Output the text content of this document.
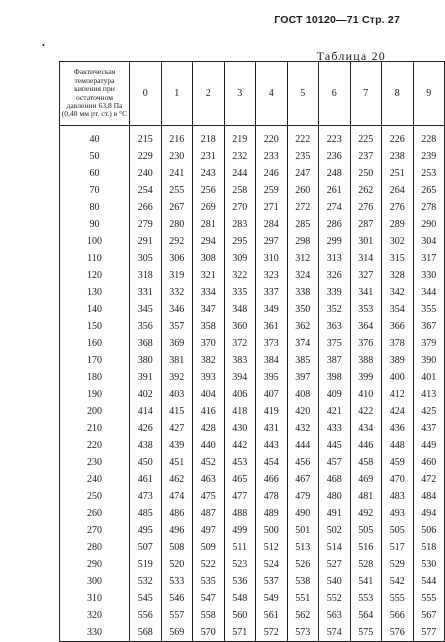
ГОСТ 10120—71 Стр. 27
•
Таблица 20
Фактическая температура кипения при остаточном давлении 63,8 Па (0,48 мм рт. ст.) в °С	0	1	2	3	4	5	6	7	8	9
40	215	216	218	219	220	222	223	225	226	228
50	229	230	231	232	233	235	236	237	238	239
60	240	241	243	244	246	247	248	250	251	253
70	254	255	256	258	259	260	261	262	264	265
80	266	267	269	270	271	272	274	276	276	278
90	279	280	281	283	284	285	286	287	289	290
100	291	292	294	295	297	298	299	301	302	304
110	305	306	308	309	310	312	313	314	315	317
120	318	319	321	322	323	324	326	327	328	330
130	331	332	334	335	337	338	339	341	342	344
140	345	346	347	348	349	350	352	353	354	355
150	356	357	358	360	361	362	363	364	366	367
160	368	369	370	372	373	374	375	376	378	379
170	380	381	382	383	384	385	387	388	389	390
180	391	392	393	394	395	397	398	399	400	401
190	402	403	404	406	407	408	409	410	412	413
200	414	415	416	418	419	420	421	422	424	425
210	426	427	428	430	431	432	433	434	436	437
220	438	439	440	442	443	444	445	446	448	449
230	450	451	452	453	454	456	457	458	459	460
240	461	462	463	465	466	467	468	469	470	472
250	473	474	475	477	478	479	480	481	483	484
260	485	486	487	488	489	490	491	492	493	494
270	495	496	497	499	500	501	502	505	505	506
280	507	508	509	511	512	513	514	516	517	518
290	519	520	522	523	524	526	527	528	529	530
300	532	533	535	536	537	538	540	541	542	544
310	545	546	547	548	549	551	552	553	555	555
320	556	557	558	560	561	562	563	564	566	567
330	568	569	570	571	572	573	574	575	576	577
